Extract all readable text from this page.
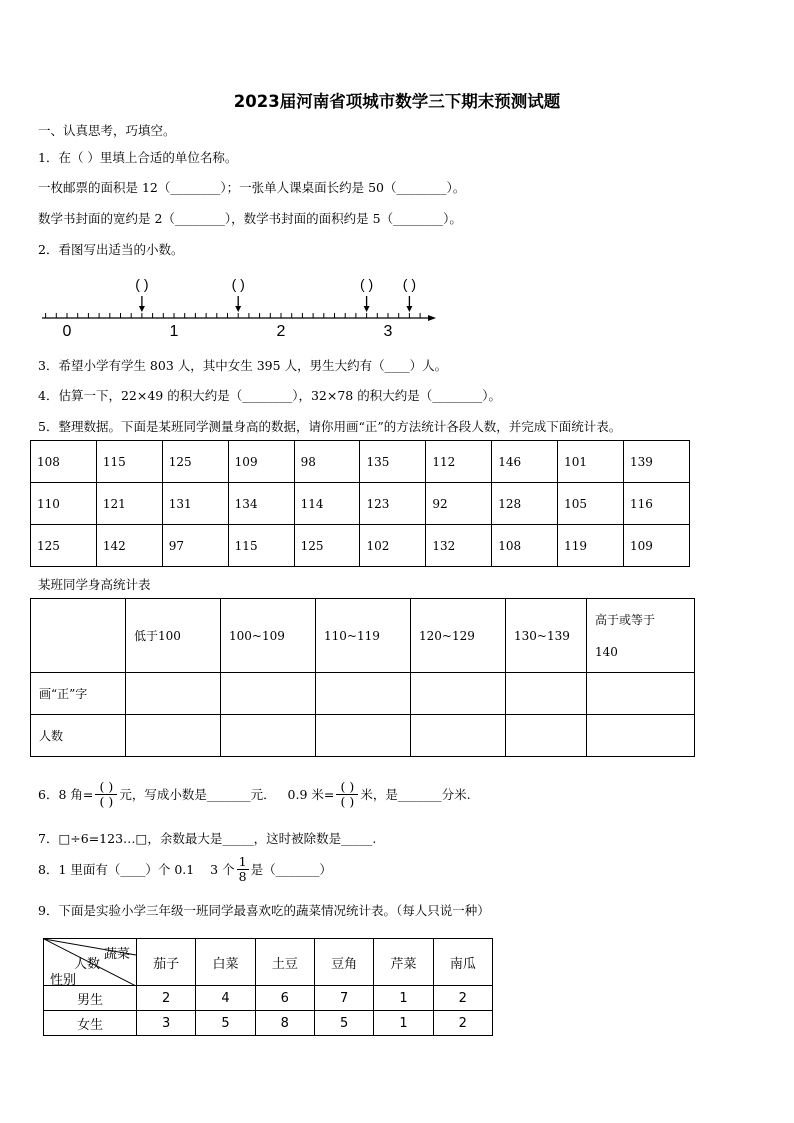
2023届河南省项城市数学三下期末预测试题
一、认真思考，巧填空。
1．在（ ）里填上合适的单位名称。
一枚邮票的面积是 12（________）；一张单人课桌面长约是 50（________）。
数学书封面的宽约是 2（________），数学书封面的面积约是 5（________）。
2．看图写出适当的小数。
0	1	2	3
( )	( )	( ) ( )
3．希望小学有学生 803 人，其中女生 395 人，男生大约有（____）人。
4．估算一下，22×49 的积大约是（________），32×78 的积大约是（________）。
5．整理数据。下面是某班同学测量身高的数据，请你用画“正”的方法统计各段人数，并完成下面统计表。
108	115	125	109	98	135	112	146	101	139
110	121	131	134	114	123	92	128	105	116
125	142	97	115	125	102	132	108	119	109
某班同学身高统计表
	低于100	100~109	110~119	120~129	130~139	高于或等于
140

画“正”字						
人数						
6．8 角= $\frac{( )}{( )}$ 元，写成小数是_______元． 0.9 米= $\frac{( )}{( )}$ 米，是_______分米.
7．□÷6=123…□，余数最大是_____，这时被除数是_____.
8．1 里面有（____）个 0.1 3 个 $\frac{1}{8}$ 是（_______）
9．下面是实验小学三年级一班同学最喜欢吃的蔬菜情况统计表。（每人只说一种）
蔬菜
人数
性别	茄子	白菜	土豆	豆角	芹菜	南瓜
男生	2	4	6	7	1	2
女生	3	5	8	5	1	2
